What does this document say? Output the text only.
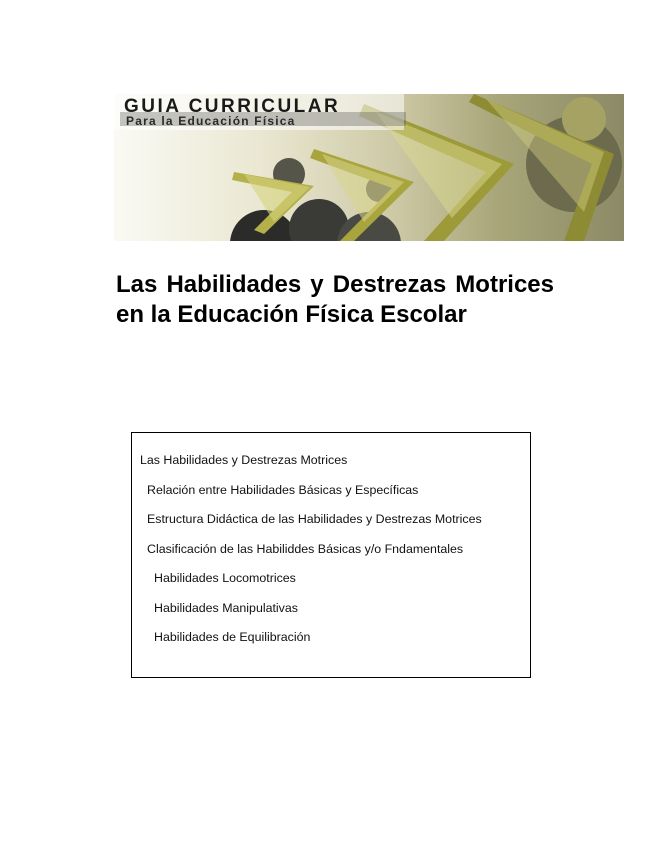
GUIA CURRICULAR
Para la Educación Física
Las Habilidades y Destrezas Motrices en la Educación Física Escolar
Las Habilidades y Destrezas Motrices
Relación entre Habilidades Básicas y Específicas
Estructura Didáctica de las Habilidades y Destrezas Motrices
Clasificación de las Habiliddes Básicas y/o Fndamentales
Habilidades Locomotrices
Habilidades Manipulativas
Habilidades de Equilibración
